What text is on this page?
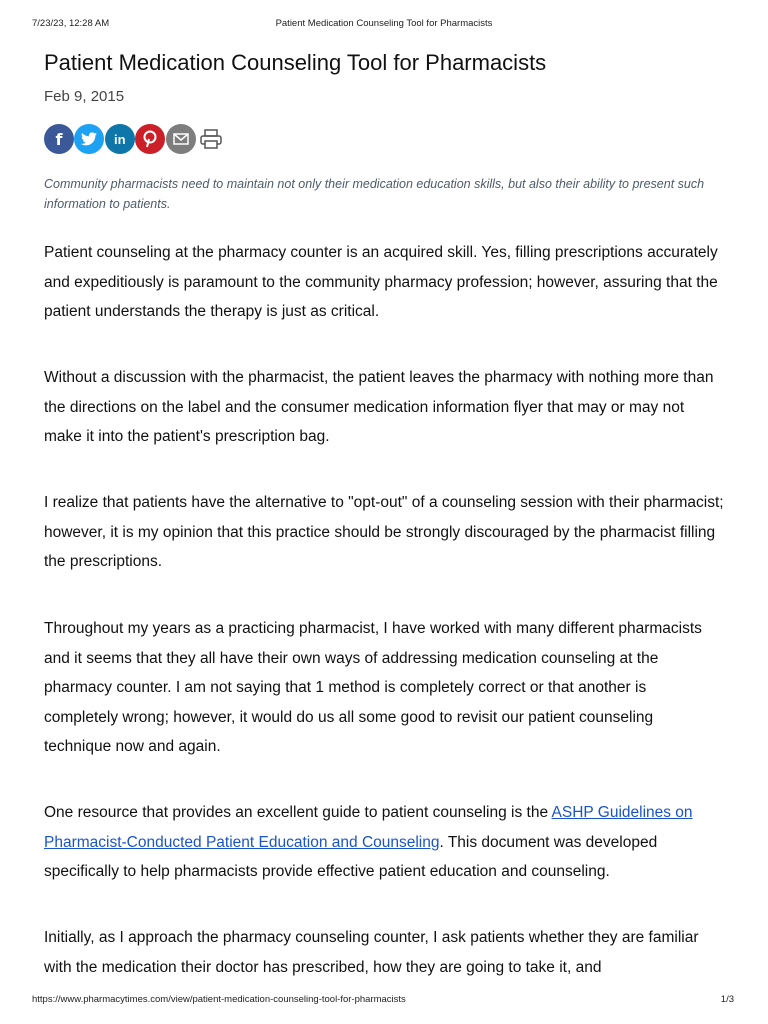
7/23/23, 12:28 AM	Patient Medication Counseling Tool for Pharmacists
Patient Medication Counseling Tool for Pharmacists
Feb 9, 2015
f	in

Community pharmacists need to maintain not only their medication education skills, but also their ability to present such information to patients.

Patient counseling at the pharmacy counter is an acquired skill. Yes, filling prescriptions accurately and expeditiously is paramount to the community pharmacy profession; however, assuring that the patient understands the therapy is just as critical.

Without a discussion with the pharmacist, the patient leaves the pharmacy with nothing more than the directions on the label and the consumer medication information flyer that may or may not make it into the patient's prescription bag.

I realize that patients have the alternative to "opt-out" of a counseling session with their pharmacist; however, it is my opinion that this practice should be strongly discouraged by the pharmacist filling the prescriptions.

Throughout my years as a practicing pharmacist, I have worked with many different pharmacists and it seems that they all have their own ways of addressing medication counseling at the pharmacy counter. I am not saying that 1 method is completely correct or that another is completely wrong; however, it would do us all some good to revisit our patient counseling technique now and again.

One resource that provides an excellent guide to patient counseling is the ASHP Guidelines on Pharmacist-Conducted Patient Education and Counseling. This document was developed specifically to help pharmacists provide effective patient education and counseling.

Initially, as I approach the pharmacy counseling counter, I ask patients whether they are familiar with the medication their doctor has prescribed, how they are going to take it, and

https://www.pharmacytimes.com/view/patient-medication-counseling-tool-for-pharmacists	1/3
